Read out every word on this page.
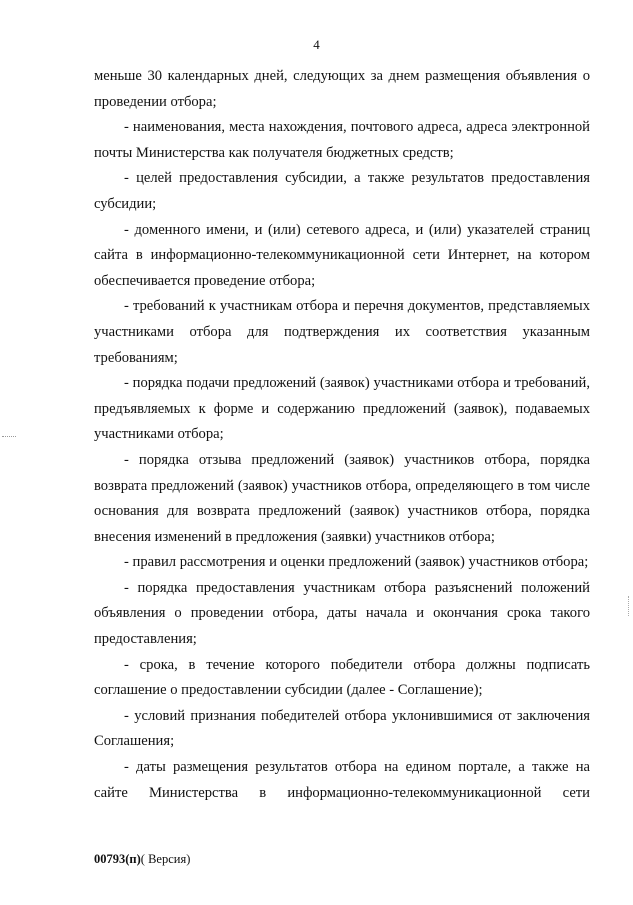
4

меньше 30 календарных дней, следующих за днем размещения объявления о проведении отбора;

- наименования, места нахождения, почтового адреса, адреса электронной почты Министерства как получателя бюджетных средств;

- целей предоставления субсидии, а также результатов предоставления субсидии;

- доменного имени, и (или) сетевого адреса, и (или) указателей страниц сайта в информационно-телекоммуникационной сети Интернет, на котором обеспечивается проведение отбора;

- требований к участникам отбора и перечня документов, представляемых участниками отбора для подтверждения их соответствия указанным требованиям;

- порядка подачи предложений (заявок) участниками отбора и требований, предъявляемых к форме и содержанию предложений (заявок), подаваемых участниками отбора;

- порядка отзыва предложений (заявок) участников отбора, порядка возврата предложений (заявок) участников отбора, определяющего в том числе основания для возврата предложений (заявок) участников отбора, порядка внесения изменений в предложения (заявки) участников отбора;

- правил рассмотрения и оценки предложений (заявок) участников отбора;

- порядка предоставления участникам отбора разъяснений положений объявления о проведении отбора, даты начала и окончания срока такого предоставления;

- срока, в течение которого победители отбора должны подписать соглашение о предоставлении субсидии (далее - Соглашение);

- условий признания победителей отбора уклонившимися от заключения Соглашения;

- даты размещения результатов отбора на едином портале, а также на сайте Министерства в информационно-телекоммуникационной сети

00793(п)( Версия)
